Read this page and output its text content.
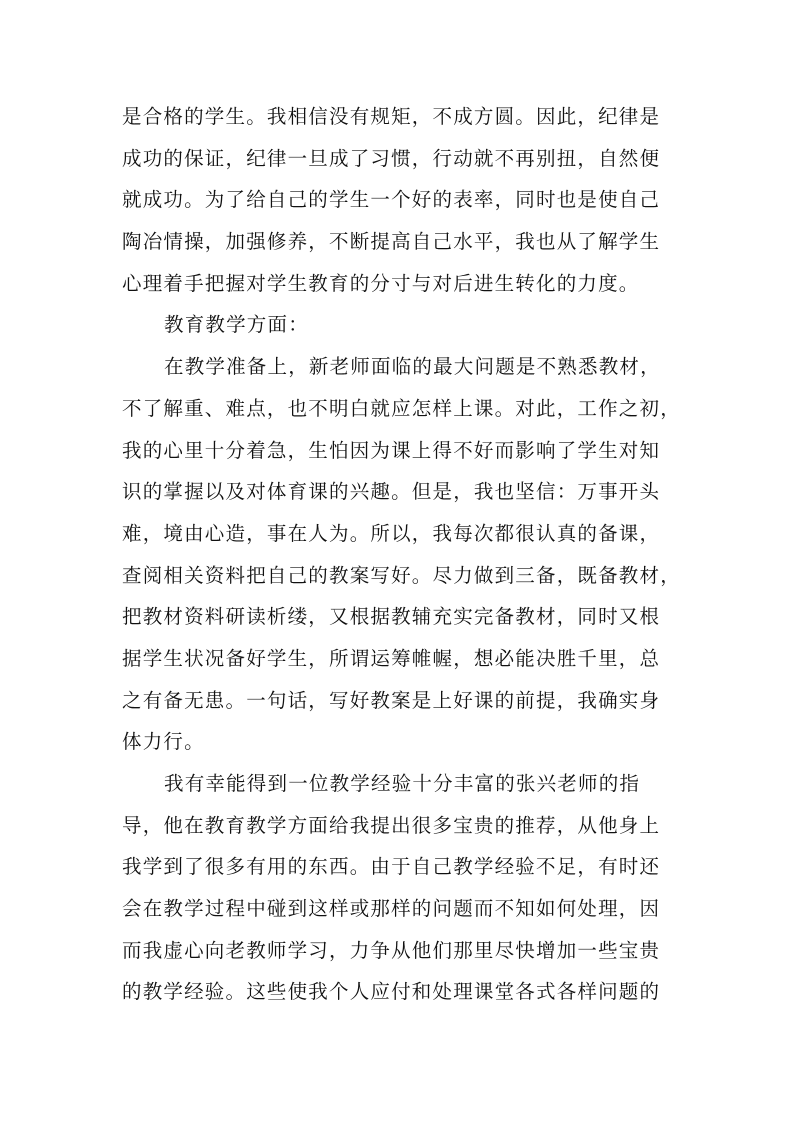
是合格的学生。我相信没有规矩，不成方圆。因此，纪律是
成功的保证，纪律一旦成了习惯，行动就不再别扭，自然便
就成功。为了给自己的学生一个好的表率，同时也是使自己
陶冶情操，加强修养，不断提高自己水平，我也从了解学生
心理着手把握对学生教育的分寸与对后进生转化的力度。
教育教学方面：
在教学准备上，新老师面临的最大问题是不熟悉教材，
不了解重、难点，也不明白就应怎样上课。对此，工作之初，
我的心里十分着急，生怕因为课上得不好而影响了学生对知
识的掌握以及对体育课的兴趣。但是，我也坚信：万事开头
难，境由心造，事在人为。所以，我每次都很认真的备课，
查阅相关资料把自己的教案写好。尽力做到三备，既备教材，
把教材资料研读析缕，又根据教辅充实完备教材，同时又根
据学生状况备好学生，所谓运筹帷幄，想必能决胜千里，总
之有备无患。一句话，写好教案是上好课的前提，我确实身
体力行。
我有幸能得到一位教学经验十分丰富的张兴老师的指
导，他在教育教学方面给我提出很多宝贵的推荐，从他身上
我学到了很多有用的东西。由于自己教学经验不足，有时还
会在教学过程中碰到这样或那样的问题而不知如何处理，因
而我虚心向老教师学习，力争从他们那里尽快增加一些宝贵
的教学经验。这些使我个人应付和处理课堂各式各样问题的
